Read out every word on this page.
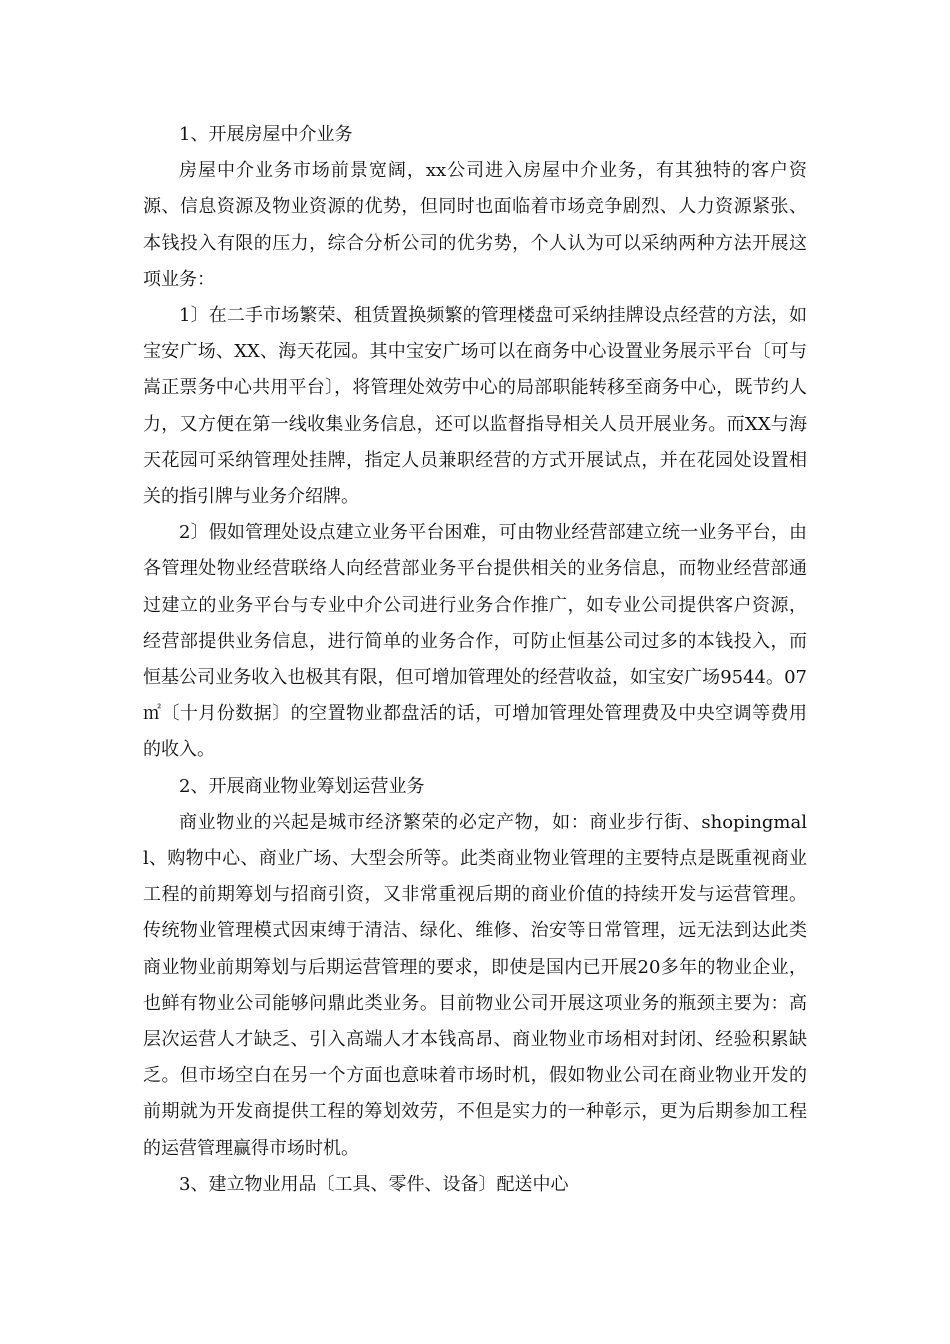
1、开展房屋中介业务

房屋中介业务市场前景宽阔，xx公司进入房屋中介业务，有其独特的客户资源、信息资源及物业资源的优势，但同时也面临着市场竞争剧烈、人力资源紧张、本钱投入有限的压力，综合分析公司的优劣势，个人认为可以采纳两种方法开展这项业务：

1〕在二手市场繁荣、租赁置换频繁的管理楼盘可采纳挂牌设点经营的方法，如宝安广场、XX、海天花园。其中宝安广场可以在商务中心设置业务展示平台〔可与嵩正票务中心共用平台〕，将管理处效劳中心的局部职能转移至商务中心，既节约人力，又方便在第一线收集业务信息，还可以监督指导相关人员开展业务。而XX与海天花园可采纳管理处挂牌，指定人员兼职经营的方式开展试点，并在花园处设置相关的指引牌与业务介绍牌。

2〕假如管理处设点建立业务平台困难，可由物业经营部建立统一业务平台，由各管理处物业经营联络人向经营部业务平台提供相关的业务信息，而物业经营部通过建立的业务平台与专业中介公司进行业务合作推广，如专业公司提供客户资源，经营部提供业务信息，进行简单的业务合作，可防止恒基公司过多的本钱投入，而恒基公司业务收入也极其有限，但可增加管理处的经营收益，如宝安广场9544。07㎡〔十月份数据〕的空置物业都盘活的话，可增加管理处管理费及中央空调等费用的收入。

2、开展商业物业筹划运营业务

商业物业的兴起是城市经济繁荣的必定产物，如：商业步行街、shopingmall、购物中心、商业广场、大型会所等。此类商业物业管理的主要特点是既重视商业工程的前期筹划与招商引资，又非常重视后期的商业价值的持续开发与运营管理。传统物业管理模式因束缚于清洁、绿化、维修、治安等日常管理，远无法到达此类商业物业前期筹划与后期运营管理的要求，即使是国内已开展20多年的物业企业，也鲜有物业公司能够问鼎此类业务。目前物业公司开展这项业务的瓶颈主要为：高层次运营人才缺乏、引入高端人才本钱高昂、商业物业市场相对封闭、经验积累缺乏。但市场空白在另一个方面也意味着市场时机，假如物业公司在商业物业开发的前期就为开发商提供工程的筹划效劳，不但是实力的一种彰示，更为后期参加工程的运营管理赢得市场时机。

3、建立物业用品〔工具、零件、设备〕配送中心
